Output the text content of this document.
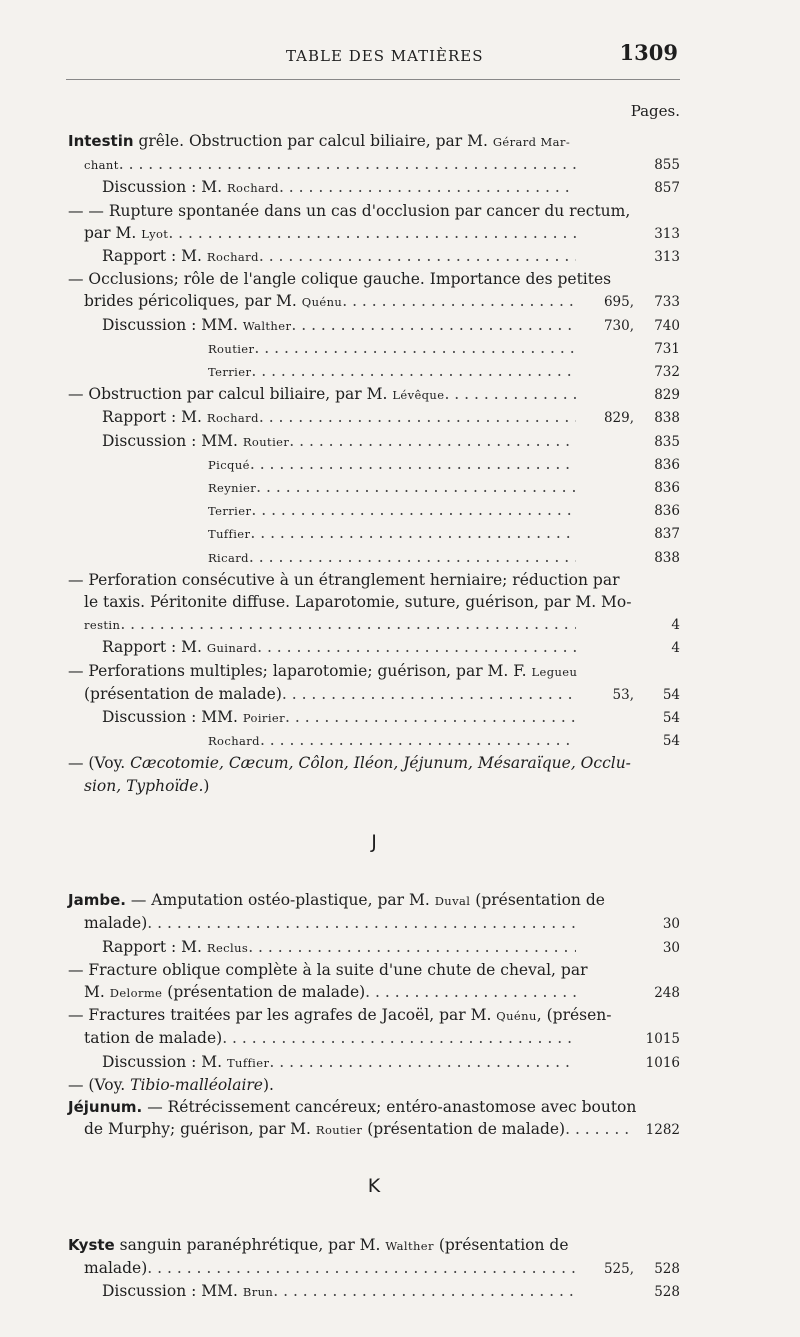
TABLE DES MATIÈRES	1309
Pages.
Intestin grêle. Obstruction par calcul biliaire, par M. Gérard Mar-
chant . . .	855
Discussion : M. Rochard . . .	857
— — Rupture spontanée dans un cas d'occlusion par cancer du rectum,
par M. Lyot . . .	313
Rapport : M. Rochard . . .	313
— Occlusions; rôle de l'angle colique gauche. Importance des petites
brides péricoliques, par M. Quénu . . .	695,	733
Discussion : MM. Walther . . .	730,	740
Routier . . .	731
Terrier . . .	732
— Obstruction par calcul biliaire, par M. Lévêque . . .	829
Rapport : M. Rochard . . .	829,	838
Discussion : MM. Routier . . .	835
Picqué . . .	836
Reynier . . .	836
Terrier . . .	836
Tuffier . . .	837
Ricard . . .	838
— Perforation consécutive à un étranglement herniaire; réduction par
le taxis. Péritonite diffuse. Laparotomie, suture, guérison, par M. Mo-
restin . . .	4
Rapport : M. Guinard . . .	4
— Perforations multiples; laparotomie; guérison, par M. F. Legueu
(présentation de malade) . . .	53,	54
Discussion : MM. Poirier . . .	54
Rochard . . .	54
— (Voy. Cæcotomie, Cæcum, Côlon, Iléon, Jéjunum, Mésaraïque, Occlu-
sion, Typhoïde.)
J
Jambe. — Amputation ostéo-plastique, par M. Duval (présentation de
malade) . . .	30
Rapport : M. Reclus . . .	30
— Fracture oblique complète à la suite d'une chute de cheval, par
M. Delorme (présentation de malade) . . .	248
— Fractures traitées par les agrafes de Jacoël, par M. Quénu, (présen-
tation de malade) . . .	1015
Discussion : M. Tuffier . . .	1016
— (Voy. Tibio-malléolaire).
Jéjunum. — Rétrécissement cancéreux; entéro-anastomose avec bouton
de Murphy; guérison, par M. Routier (présentation de malade) . . .	1282
K
Kyste sanguin paranéphrétique, par M. Walther (présentation de
malade) . . .	525,	528
Discussion : MM. Brun . . .	528
